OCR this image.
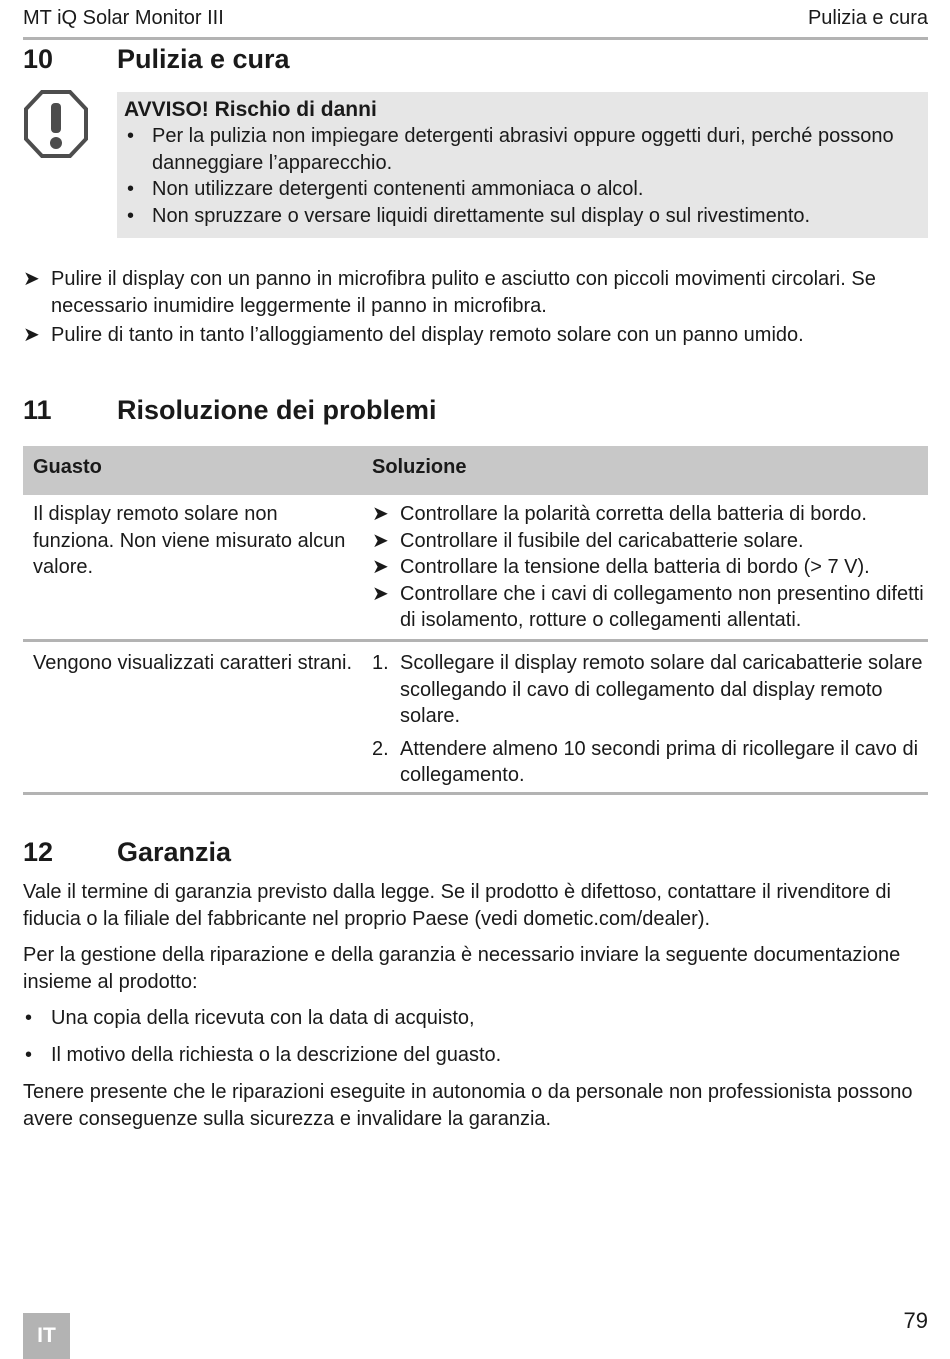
MT iQ Solar Monitor III	Pulizia e cura
10 Pulizia e cura
AVVISO! Rischio di danni
• Per la pulizia non impiegare detergenti abrasivi oppure oggetti duri, perché possono danneggiare l’apparecchio.
• Non utilizzare detergenti contenenti ammoniaca o alcol.
• Non spruzzare o versare liquidi direttamente sul display o sul rivestimento.
➤ Pulire il display con un panno in microfibra pulito e asciutto con piccoli movimenti circolari. Se necessario inumidire leggermente il panno in microfibra.
➤ Pulire di tanto in tanto l’alloggiamento del display remoto solare con un panno umido.
11 Risoluzione dei problemi
Guasto	Soluzione
Il display remoto solare non funziona. Non viene misurato alcun valore.
➤ Controllare la polarità corretta della batteria di bordo.
➤ Controllare il fusibile del caricabatterie solare.
➤ Controllare la tensione della batteria di bordo (> 7 V).
➤ Controllare che i cavi di collegamento non presentino difetti di isolamento, rotture o collegamenti allentati.
Vengono visualizzati caratteri strani. 1. Scollegare il display remoto solare dal caricabatterie solare scollegando il cavo di collegamento dal display remoto solare.
2. Attendere almeno 10 secondi prima di ricollegare il cavo di collegamento.
12 Garanzia

Vale il termine di garanzia previsto dalla legge. Se il prodotto è difettoso, contattare il rivenditore di fiducia o la filiale del fabbricante nel proprio Paese (vedi dometic.com/dealer).

Per la gestione della riparazione e della garanzia è necessario inviare la seguente documentazione insieme al prodotto:

• Una copia della ricevuta con la data di acquisto,
• Il motivo della richiesta o la descrizione del guasto.

Tenere presente che le riparazioni eseguite in autonomia o da personale non professionista possono avere conseguenze sulla sicurezza e invalidare la garanzia.

IT
79
